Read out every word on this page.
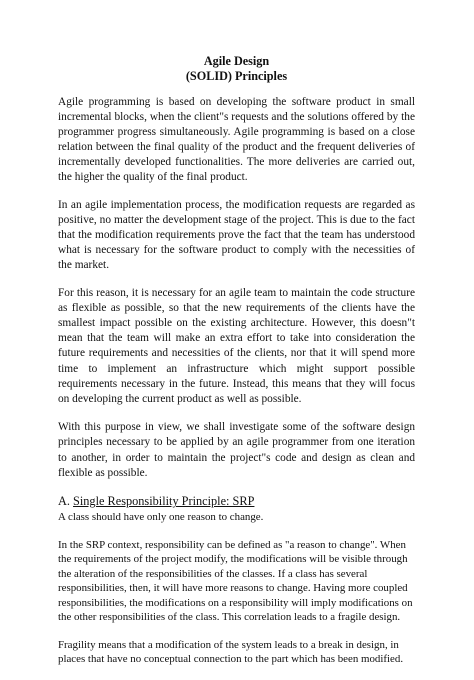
Agile Design
(SOLID) Principles

Agile programming is based on developing the software product in small incremental blocks, when the client"s requests and the solutions offered by the programmer progress simultaneously. Agile programming is based on a close relation between the final quality of the product and the frequent deliveries of incrementally developed functionalities. The more deliveries are carried out, the higher the quality of the final product.

In an agile implementation process, the modification requests are regarded as positive, no matter the development stage of the project. This is due to the fact that the modification requirements prove the fact that the team has understood what is necessary for the software product to comply with the necessities of the market.

For this reason, it is necessary for an agile team to maintain the code structure as flexible as possible, so that the new requirements of the clients have the smallest impact possible on the existing architecture. However, this doesn"t mean that the team will make an extra effort to take into consideration the future requirements and necessities of the clients, nor that it will spend more time to implement an infrastructure which might support possible requirements necessary in the future. Instead, this means that they will focus on developing the current product as well as possible.

With this purpose in view, we shall investigate some of the software design principles necessary to be applied by an agile programmer from one iteration to another, in order to maintain the project"s code and design as clean and flexible as possible.

A. Single Responsibility Principle: SRP

A class should have only one reason to change.

In the SRP context, responsibility can be defined as "a reason to change". When the requirements of the project modify, the modifications will be visible through the alteration of the responsibilities of the classes. If a class has several responsibilities, then, it will have more reasons to change. Having more coupled responsibilities, the modifications on a responsibility will imply modifications on the other responsibilities of the class. This correlation leads to a fragile design.

Fragility means that a modification of the system leads to a break in design, in places that have no conceptual connection to the part which has been modified.
